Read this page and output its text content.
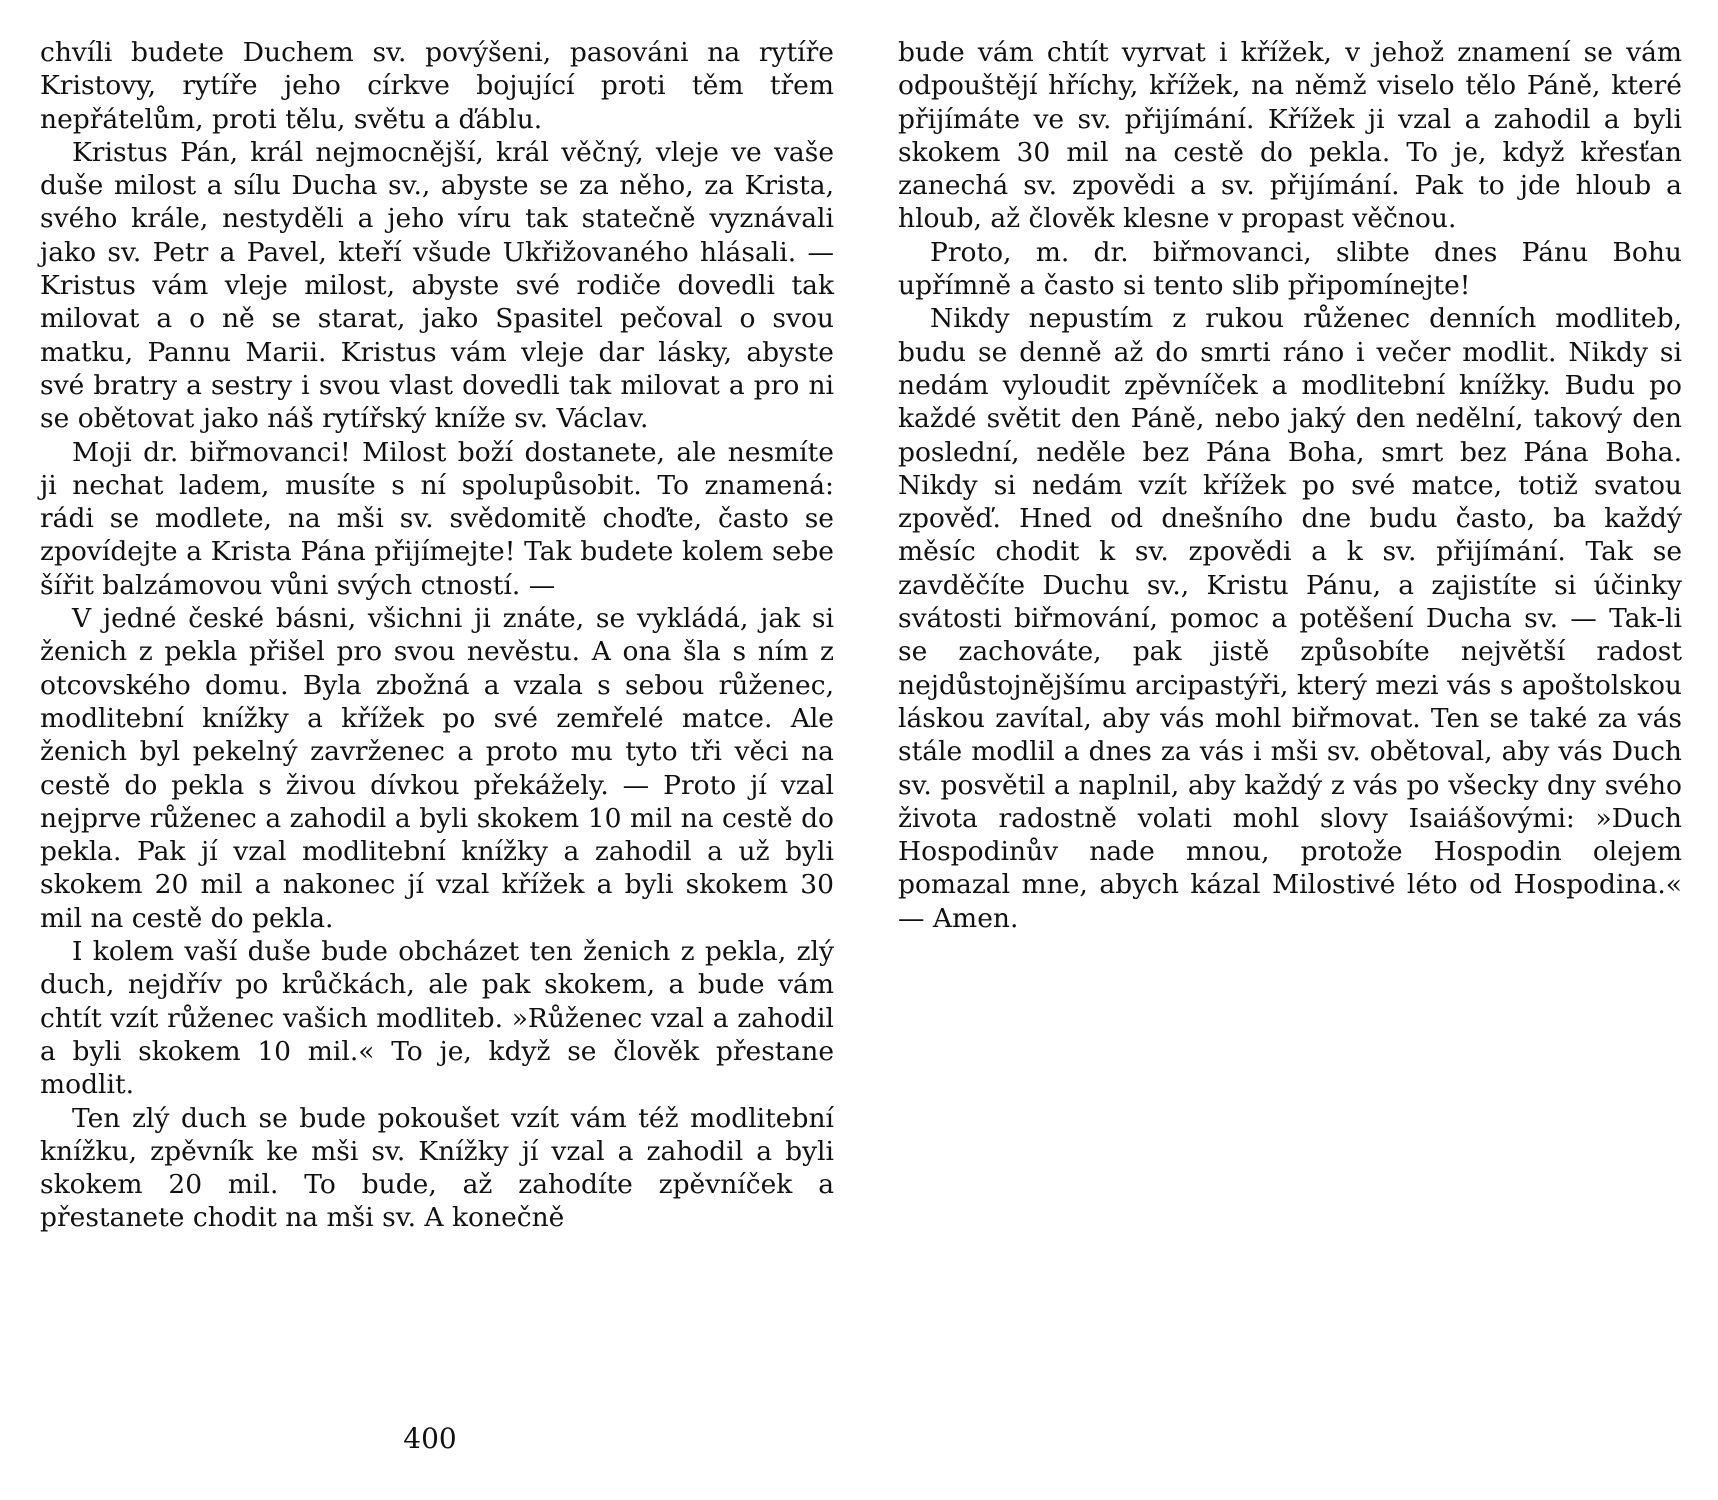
chvíli budete Duchem sv. povýšeni, pasováni na rytíře Kristovy, rytíře jeho církve bojující proti těm třem nepřátelům, proti tělu, světu a ďáblu.

Kristus Pán, král nejmocnější, král věčný, vleje ve vaše duše milost a sílu Ducha sv., abyste se za něho, za Krista, svého krále, nestyděli a jeho víru tak statečně vyznávali jako sv. Petr a Pavel, kteří všude Ukřižovaného hlásali. — Kristus vám vleje milost, abyste své rodiče dovedli tak milovat a o ně se starat, jako Spasitel pečoval o svou matku, Pannu Marii. Kristus vám vleje dar lásky, abyste své bratry a sestry i svou vlast dovedli tak milovat a pro ni se obětovat jako náš rytířský kníže sv. Václav.

Moji dr. biřmovanci! Milost boží dostanete, ale nesmíte ji nechat ladem, musíte s ní spolupůsobit. To znamená: rádi se modlete, na mši sv. svědomitě choďte, často se zpovídejte a Krista Pána přijímejte! Tak budete kolem sebe šířit balzámovou vůni svých ctností. —

V jedné české básni, všichni ji znáte, se vykládá, jak si ženich z pekla přišel pro svou nevěstu. A ona šla s ním z otcovského domu. Byla zbožná a vzala s sebou růženec, modlitební knížky a křížek po své zemřelé matce. Ale ženich byl pekelný zavrženec a proto mu tyto tři věci na cestě do pekla s živou dívkou překážely. — Proto jí vzal nejprve růženec a zahodil a byli skokem 10 mil na cestě do pekla. Pak jí vzal modlitební knížky a zahodil a už byli skokem 20 mil a nakonec jí vzal křížek a byli skokem 30 mil na cestě do pekla.

I kolem vaší duše bude obcházet ten ženich z pekla, zlý duch, nejdřív po krůčkách, ale pak skokem, a bude vám chtít vzít růženec vašich modliteb. »Růženec vzal a zahodil a byli skokem 10 mil.« To je, když se člověk přestane modlit.

Ten zlý duch se bude pokoušet vzít vám též modlitební knížku, zpěvník ke mši sv. Knížky jí vzal a zahodil a byli skokem 20 mil. To bude, až zahodíte zpěvníček a přestanete chodit na mši sv. A konečně

bude vám chtít vyrvat i křížek, v jehož znamení se vám odpouštějí hříchy, křížek, na němž viselo tělo Páně, které přijímáte ve sv. přijímání. Křížek ji vzal a zahodil a byli skokem 30 mil na cestě do pekla. To je, když křesťan zanechá sv. zpovědi a sv. přijímání. Pak to jde hloub a hloub, až člověk klesne v propast věčnou.

Proto, m. dr. biřmovanci, slibte dnes Pánu Bohu upřímně a často si tento slib připomínejte!

Nikdy nepustím z rukou růženec denních modliteb, budu se denně až do smrti ráno i večer modlit. Nikdy si nedám vyloudit zpěvníček a modlitební knížky. Budu po každé světit den Páně, nebo jaký den nedělní, takový den poslední, neděle bez Pána Boha, smrt bez Pána Boha. Nikdy si nedám vzít křížek po své matce, totiž svatou zpověď. Hned od dnešního dne budu často, ba každý měsíc chodit k sv. zpovědi a k sv. přijímání. Tak se zavděčíte Duchu sv., Kristu Pánu, a zajistíte si účinky svátosti biřmování, pomoc a potěšení Ducha sv. — Tak-li se zachováte, pak jistě způsobíte největší radost nejdůstojnějšímu arcipastýři, který mezi vás s apoštolskou láskou zavítal, aby vás mohl biřmovat. Ten se také za vás stále modlil a dnes za vás i mši sv. obětoval, aby vás Duch sv. posvětil a naplnil, aby každý z vás po všecky dny svého života radostně volati mohl slovy Isaiášovými: »Duch Hospodinův nade mnou, protože Hospodin olejem pomazal mne, abych kázal Milostivé léto od Hospodina.« — Amen.

400
